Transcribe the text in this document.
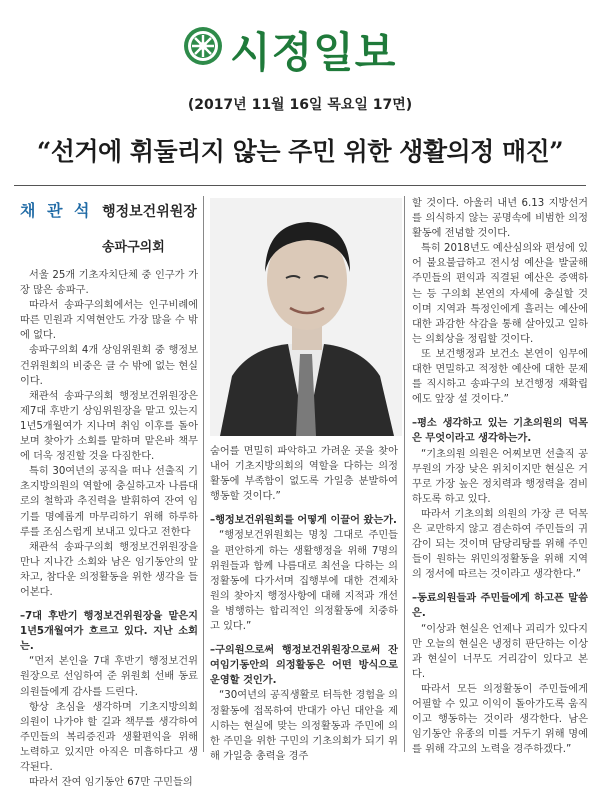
시정일보
(2017년 11월 16일 목요일 17면)
“선거에 휘둘리지 않는 주민 위한 생활의정 매진”
채 관 석 행정보건위원장
송파구의회

서울 25개 기초자치단체 중 인구가 가장 많은 송파구.

따라서 송파구의회에서는 인구비례에 따른 민원과 지역현안도 가장 많을 수 밖에 없다.

송파구의회 4개 상임위원회 중 행정보건위원회의 비중은 클 수 밖에 없는 현실이다.

채관석 송파구의회 행정보건위원장은 제7대 후반기 상임위원장을 맡고 있는지 1년5개월여가 지나며 취임 이후를 돌아보며 찾아가 소회를 맡하며 맡은바 책무에 더욱 정진할 것을 다짐한다.

특히 30여년의 공직을 떠나 선출직 기초지방의원의 역할에 충실하고자 나름대로의 철학과 추진력을 발휘하여 잔여 임기를 명예롭게 마무리하기 위해 하루하루를 조심스럽게 보내고 있다고 전한다

채관석 송파구의회 행정보건위원장을 만나 지나간 소회와 남은 임기동안의 앞차고, 참다운 의정활동을 위한 생각을 들어본다.

–7대 후반기 행정보건위원장을 맡은지 1년5개월여가 흐르고 있다. 지난 소회는.

“먼저 본인을 7대 후반기 행정보건위원장으로 선임하여 준 위원회 선배 동료 의원들에게 감사를 드린다.

항상 초심을 생각하며 기초지방의회 의원이 나가야 할 길과 책무를 생각하여 주민들의 복리증진과 생활편익을 위해 노력하고 있지만 아직은 미흡하다고 생각된다.

따라서 잔여 임기동안 67만 구민들의

숨어를 면밀히 파악하고 가려운 곳을 찾아내어 기초지방의회의 역할을 다하는 의정활동에 부족함이 없도록 가일층 분발하여 행동할 것이다.”

–행정보건위원회를 어떻게 이끌어 왔는가.

“행정보건위원회는 명칭 그대로 주민들을 편안하게 하는 생활행정을 위해 7명의 위원들과 함께 나름대로 최선을 다하는 의정활동에 다가서며 집행부에 대한 견제차원의 찾아지 행정사항에 대해 지적과 개선을 병행하는 합리적인 의정활동에 치중하고 있다.”

–구의원으로써 행정보건위원장으로써 잔여임기동안의 의정활동은 어떤 방식으로 운영할 것인가.

“30여년의 공직생활로 터득한 경험을 의정활동에 접목하여 반대가 아닌 대안을 제시하는 현실에 맞는 의정활동과 주민에 의한 주민을 위한 구민의 기초의회가 되기 위해 가일층 총력을 경주

할 것이다. 아울러 내년 6.13 지방선거를 의식하지 않는 공명속에 비범한 의정활동에 전념할 것이다.

특히 2018년도 예산심의와 편성에 있어 불요불급하고 전시성 예산을 발굴해 주민들의 편익과 직결된 예산은 증액하는 등 구의회 본연의 자세에 충실할 것이며 지역과 특정인에게 흘러는 예산에 대한 과감한 삭감을 통해 살아있고 일하는 의회상을 정립할 것이다.

또 보건행정과 보건소 본연이 임무에 대한 면밀하고 적정한 예산에 대한 문제를 직시하고 송파구의 보건행정 재확립에도 앞장 설 것이다.”

–평소 생각하고 있는 기초의원의 덕목은 무엇이라고 생각하는가.

“기초의원 의원은 어찌보면 선출직 공무원의 가장 낮은 위치이지만 현실은 거꾸로 가장 높은 정치력과 행정력을 겸비하도록 하고 있다.

따라서 기초의회 의원의 가장 큰 덕목은 교만하지 않고 겸손하여 주민들의 귀감이 되는 것이며 담당리탕를 위해 주민들이 원하는 위민의정활동을 위해 지역의 정서에 따르는 것이라고 생각한다.”

–동료의원들과 주민들에게 하고픈 말씀은.

“이상과 현실은 언제나 괴리가 있다지만 오늘의 현실은 냉정히 판단하는 이상과 현실이 너무도 거리감이 있다고 본다.

따라서 모든 의정활동이 주민들에게 어필할 수 있고 이익이 돌아가도록 움직이고 행동하는 것이라 생각한다. 남은 임기동안 유종의 미를 거두기 위해 명예를 위해 각고의 노력을 경주하겠다.”
